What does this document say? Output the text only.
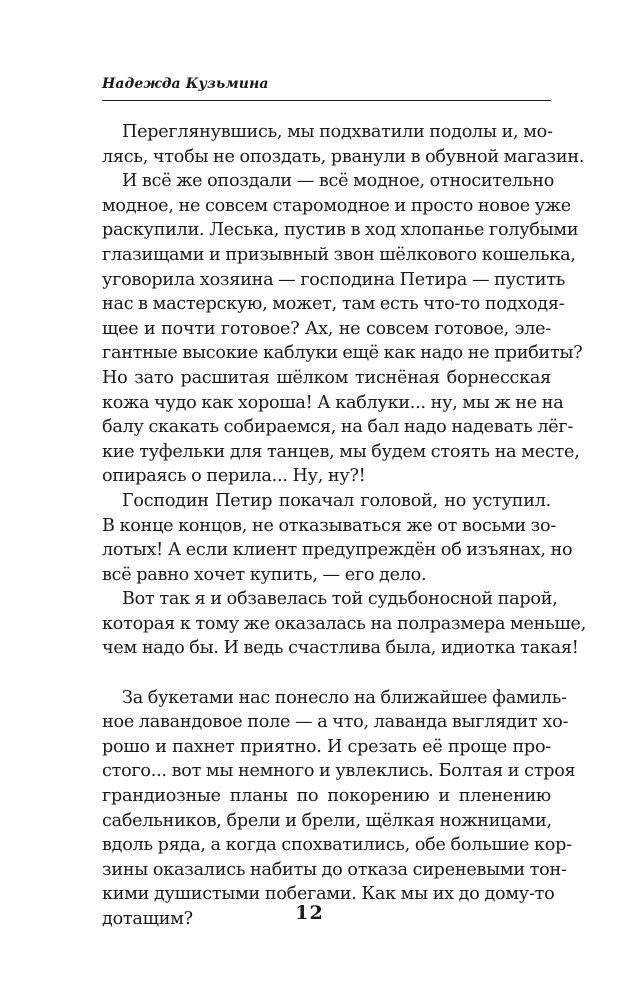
Надежда Кузьмина
Переглянувшись, мы подхватили подолы и, мо-
лясь, чтобы не опоздать, рванули в обувной магазин.
И всё же опоздали — всё модное, относительно
модное, не совсем старомодное и просто новое уже
раскупили. Леська, пустив в ход хлопанье голубыми
глазищами и призывный звон шёлкового кошелька,
уговорила хозяина — господина Петира — пустить
нас в мастерскую, может, там есть что-то подходя-
щее и почти готовое? Ах, не совсем готовое, эле-
гантные высокие каблуки ещё как надо не прибиты?
Но зато расшитая шёлком тиснёная борнесская
кожа чудо как хороша! А каблуки... ну, мы ж не на
балу скакать собираемся, на бал надо надевать лёг-
кие туфельки для танцев, мы будем стоять на месте,
опираясь о перила... Ну, ну?!
Господин Петир покачал головой, но уступил.
В конце концов, не отказываться же от восьми зо-
лотых! А если клиент предупреждён об изъянах, но
всё равно хочет купить, — его дело.
Вот так я и обзавелась той судьбоносной парой,
которая к тому же оказалась на полразмера меньше,
чем надо бы. И ведь счастлива была, идиотка такая!
За букетами нас понесло на ближайшее фамиль-
ное лавандовое поле — а что, лаванда выглядит хо-
рошо и пахнет приятно. И срезать её проще про-
стого... вот мы немного и увлеклись. Болтая и строя
грандиозные планы по покорению и пленению
сабельников, брели и брели, щёлкая ножницами,
вдоль ряда, а когда спохватились, обе большие кор-
зины оказались набиты до отказа сиреневыми тон-
кими душистыми побегами. Как мы их до дому-то
дотащим?	12
